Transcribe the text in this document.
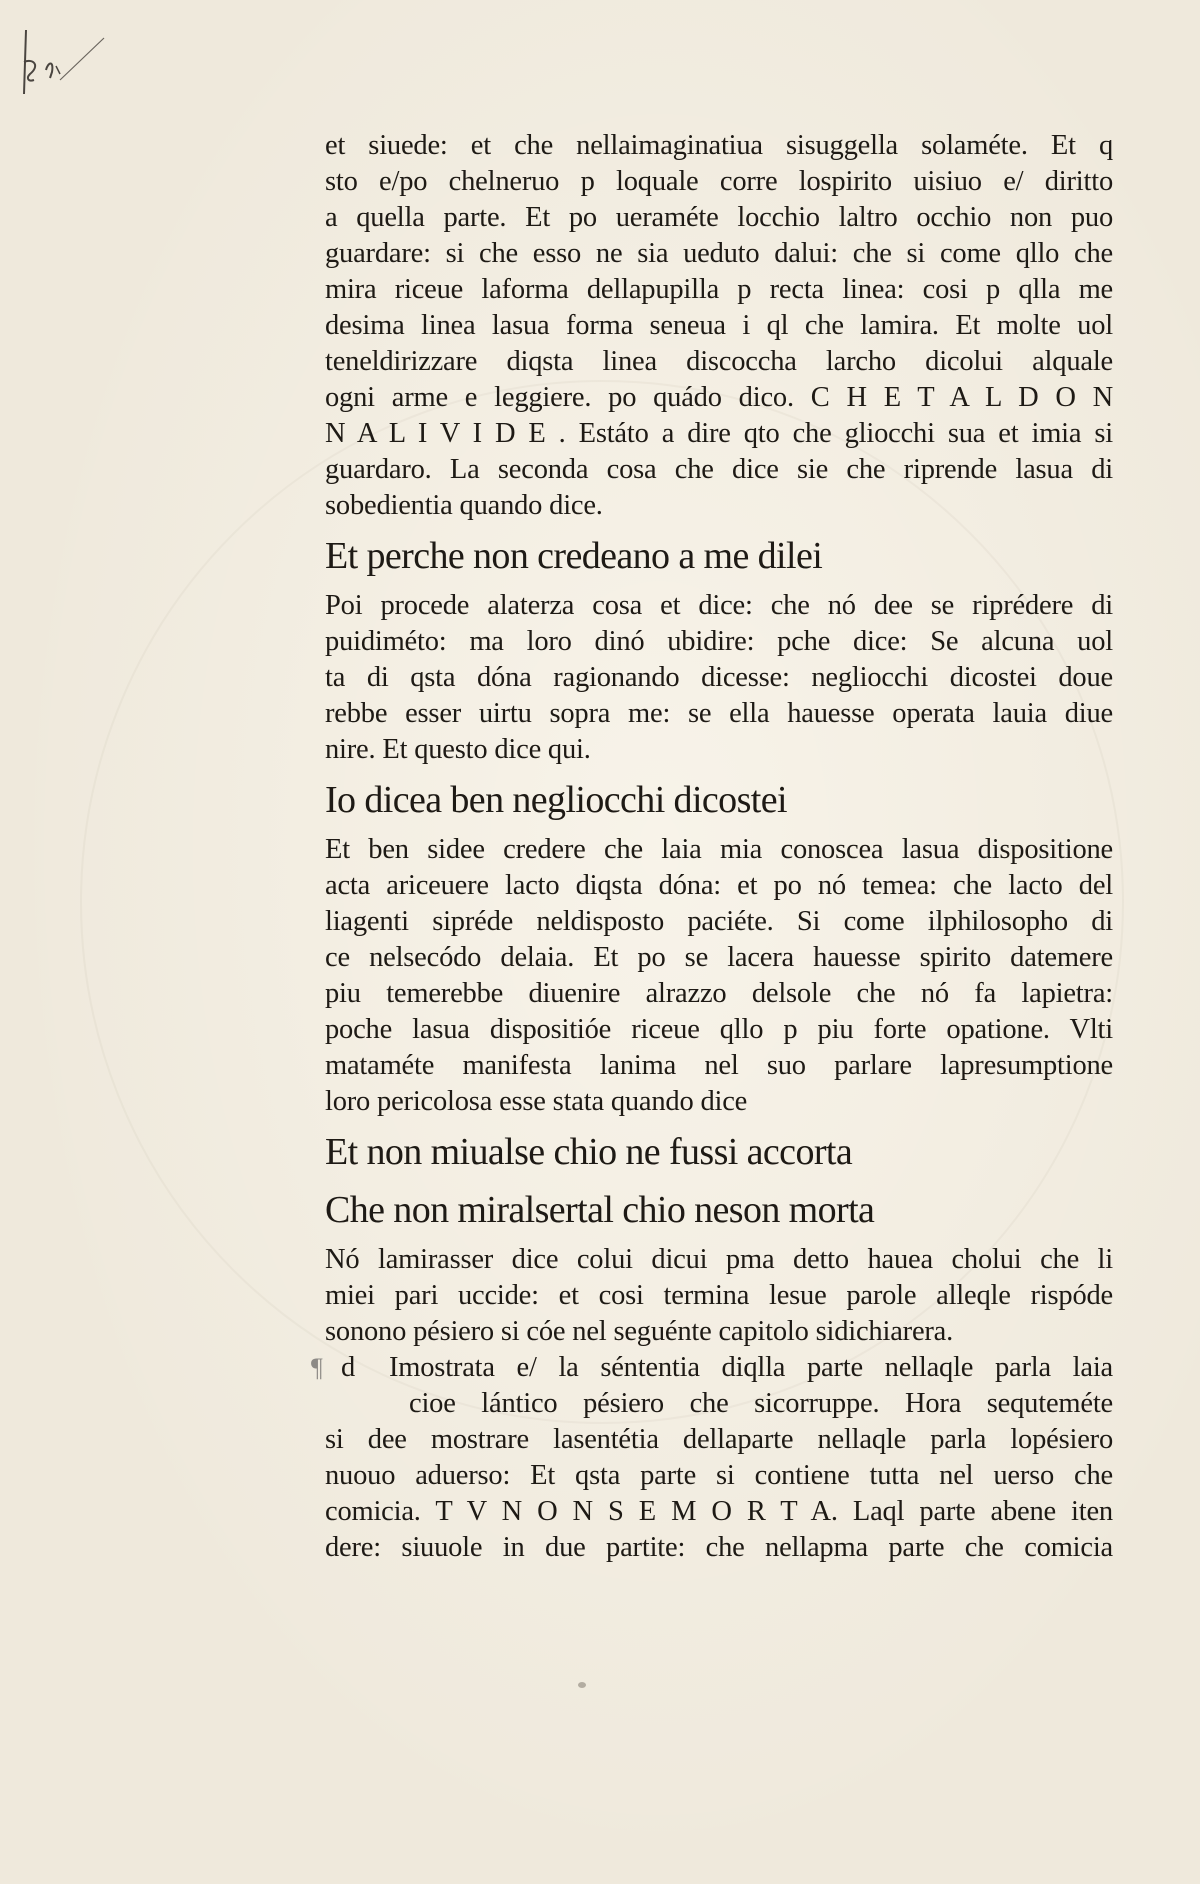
et siuede: et che nellaimaginatiua sisuggella solaméte. Et q
sto e/po chelneruo p loquale corre lospirito uisiuo e/ diritto
a quella parte. Et po ueraméte locchio laltro occhio non puo
guardare: si che esso ne sia ueduto dalui: che si come qllo che
mira riceue laforma dellapupilla p recta linea: cosi p qlla me
desima linea lasua forma seneua i ql che lamira. Et molte uol
teneldirizzare diqsta linea discoccha larcho dicolui alquale
ogni arme e leggiere. po quádo dico. C H E T A L D O N
N A L I V I D E . Estáto a dire qto che gliocchi sua et imia si
guardaro. La seconda cosa che dice sie che riprende lasua di
sobedientia quando dice.
Et perche non credeano a me dilei
Poi procede alaterza cosa et dice: che nó dee se riprédere di
puidiméto: ma loro dinó ubidire: pche dice: Se alcuna uol
ta di qsta dóna ragionando dicesse: negliocchi dicostei doue
rebbe esser uirtu sopra me: se ella hauesse operata lauia diue
nire. Et questo dice qui.
Io dicea ben negliocchi dicostei
Et ben sidee credere che laia mia conoscea lasua dispositione
acta ariceuere lacto diqsta dóna: et po nó temea: che lacto del
liagenti sipréde neldisposto paciéte. Si come ilphilosopho di
ce nelsecódo delaia. Et po se lacera hauesse spirito datemere
piu temerebbe diuenire alrazzo delsole che nó fa lapietra:
poche lasua dispositióe riceue qllo p piu forte opatione. Vlti
mataméte manifesta lanima nel suo parlare lapresumptione
loro pericolosa esse stata quando dice
Et non miualse chio ne fussi accorta
Che non miralsertal chio neson morta
Nó lamirasser dice colui dicui pma detto hauea cholui che li
miei pari uccide: et cosi termina lesue parole alleqle rispóde
sonono pésiero si cóe nel seguénte capitolo sidichiarera.
¶ d Imostrata e/ la séntentia diqlla parte nellaqle parla laia
cioe lántico pésiero che sicorruppe. Hora sequteméte
si dee mostrare lasentétia dellaparte nellaqle parla lopésiero
nuouo aduerso: Et qsta parte si contiene tutta nel uerso che
comicia. T V N O N S E M O R T A. Laql parte abene iten
dere: siuuole in due partite: che nellapma parte che comicia
